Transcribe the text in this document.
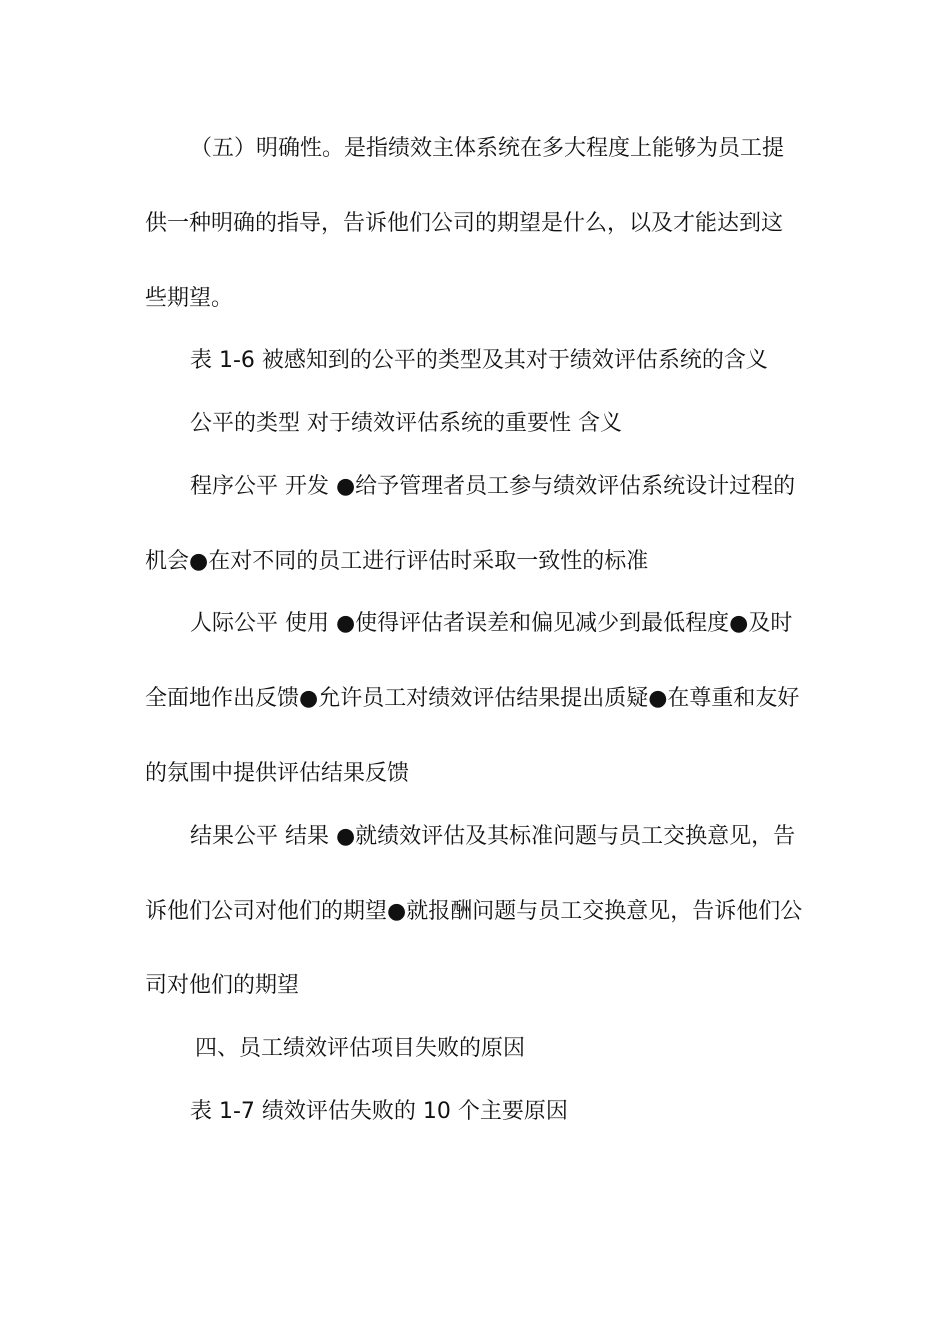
（五）明确性。是指绩效主体系统在多大程度上能够为员工提
供一种明确的指导，告诉他们公司的期望是什么，以及才能达到这
些期望。
表 1-6 被感知到的公平的类型及其对于绩效评估系统的含义
公平的类型 对于绩效评估系统的重要性 含义
程序公平 开发 ●给予管理者员工参与绩效评估系统设计过程的
机会●在对不同的员工进行评估时采取一致性的标准
人际公平 使用 ●使得评估者误差和偏见减少到最低程度●及时
全面地作出反馈●允许员工对绩效评估结果提出质疑●在尊重和友好
的氛围中提供评估结果反馈
结果公平 结果 ●就绩效评估及其标准问题与员工交换意见，告
诉他们公司对他们的期望●就报酬问题与员工交换意见，告诉他们公
司对他们的期望
四、员工绩效评估项目失败的原因
表 1-7 绩效评估失败的 10 个主要原因
